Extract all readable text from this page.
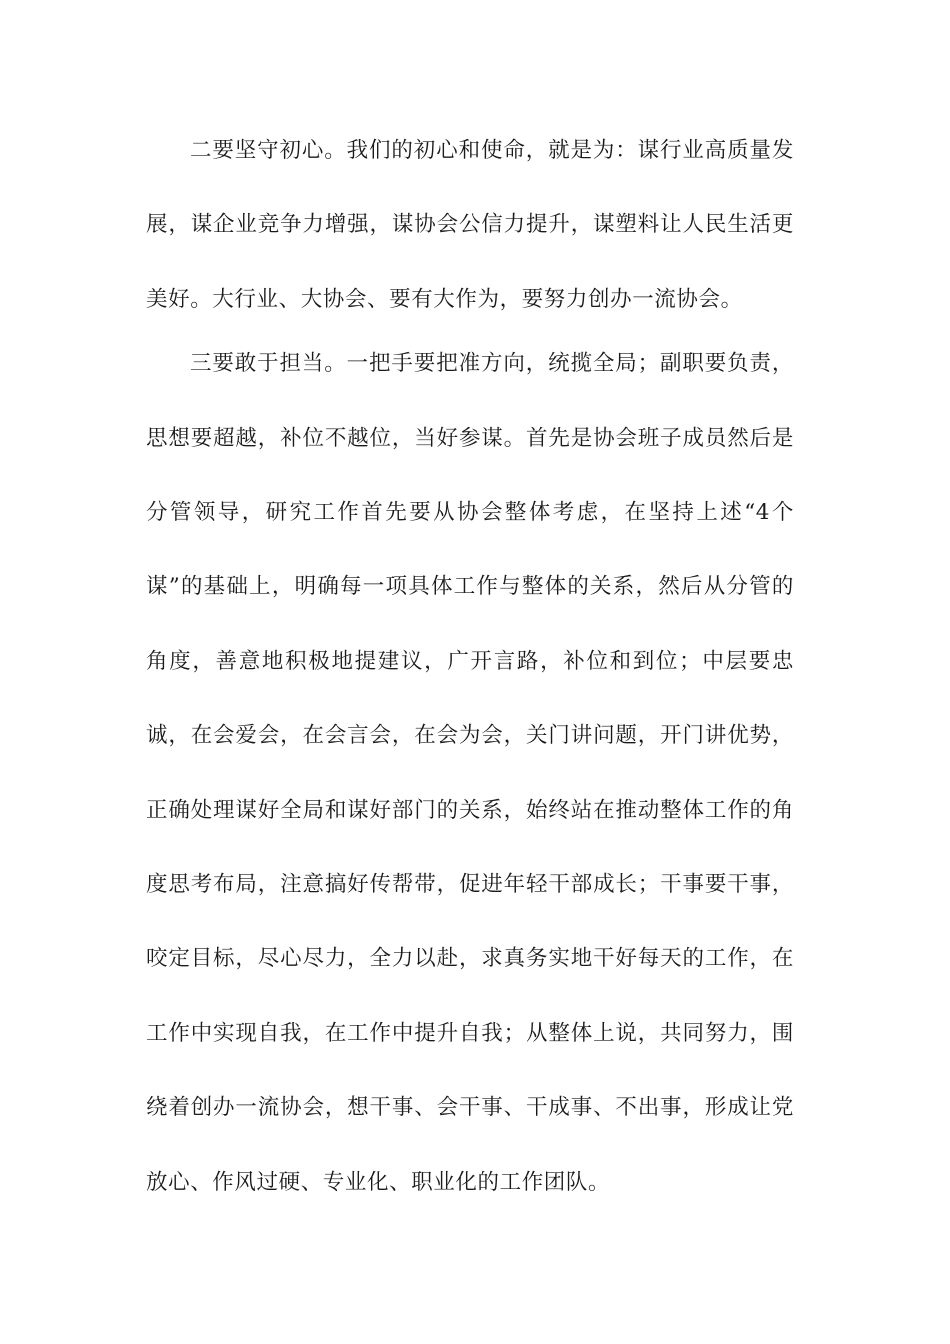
二要坚守初心。我们的初心和使命，就是为：谋行业高质量发
展，谋企业竞争力增强，谋协会公信力提升，谋塑料让人民生活更
美好。大行业、大协会、要有大作为，要努力创办一流协会。
三要敢于担当。一把手要把准方向，统揽全局；副职要负责，
思想要超越，补位不越位，当好参谋。首先是协会班子成员然后是
分管领导，研究工作首先要从协会整体考虑，在坚持上述“4个
谋”的基础上，明确每一项具体工作与整体的关系，然后从分管的
角度，善意地积极地提建议，广开言路，补位和到位；中层要忠
诚，在会爱会，在会言会，在会为会，关门讲问题，开门讲优势，
正确处理谋好全局和谋好部门的关系，始终站在推动整体工作的角
度思考布局，注意搞好传帮带，促进年轻干部成长；干事要干事，
咬定目标，尽心尽力，全力以赴，求真务实地干好每天的工作，在
工作中实现自我，在工作中提升自我；从整体上说，共同努力，围
绕着创办一流协会，想干事、会干事、干成事、不出事，形成让党
放心、作风过硬、专业化、职业化的工作团队。
